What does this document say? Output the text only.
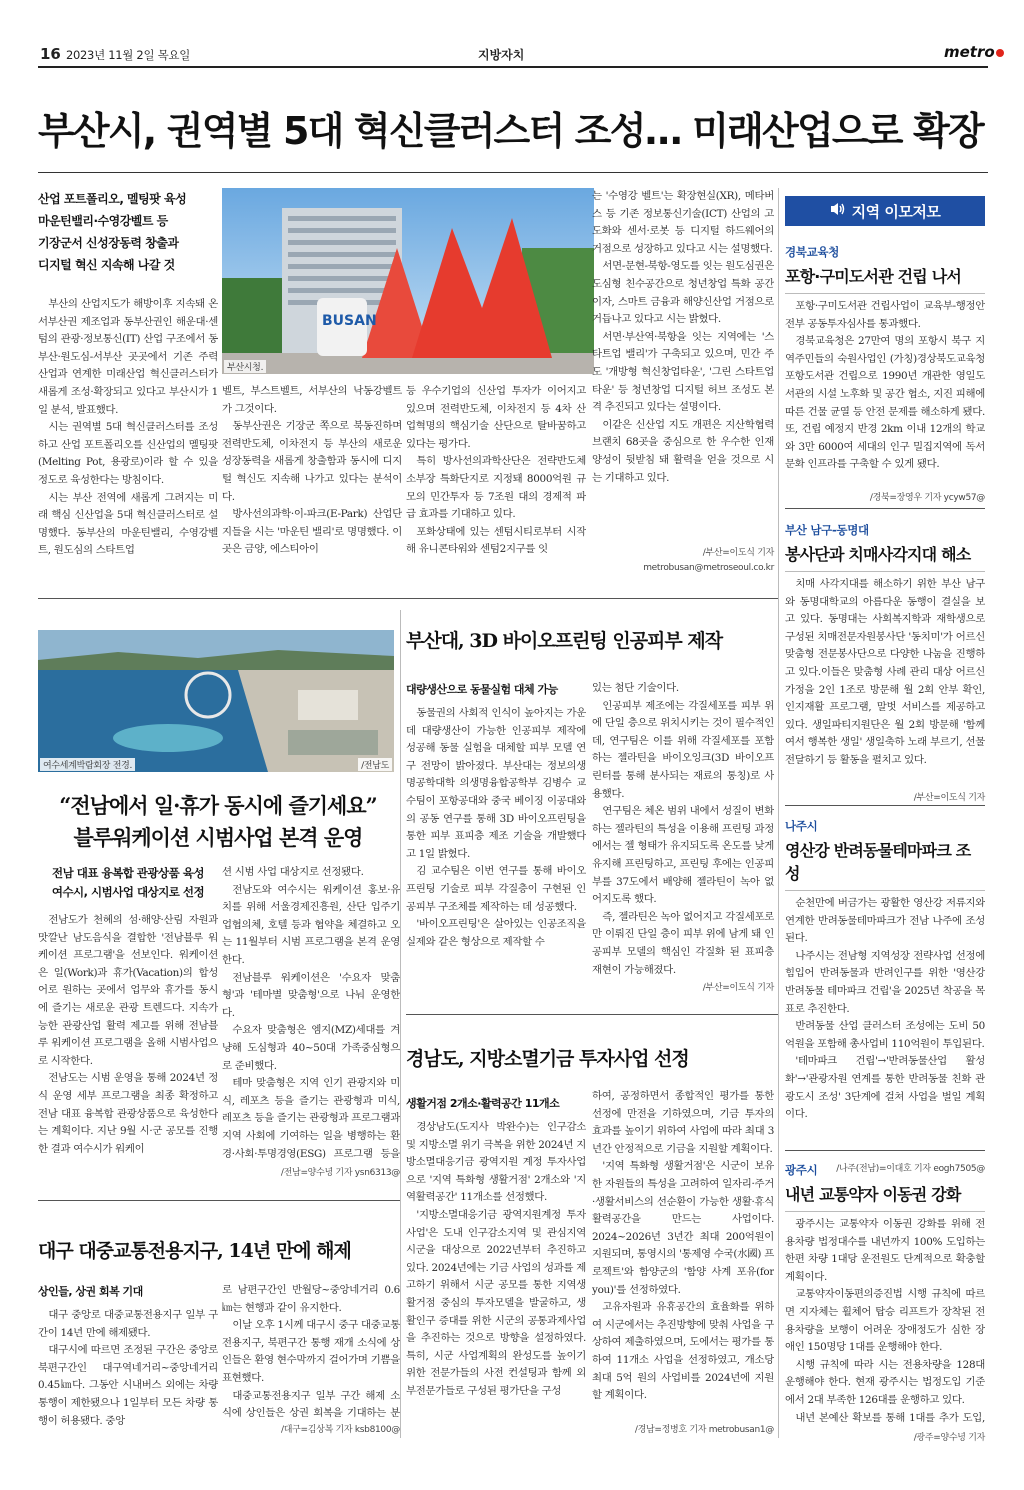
16 2023년 11월 2일 목요일	지방자치	metro
부산시, 권역별 5대 혁신클러스터 조성… 미래산업으로 확장
산업 포트폴리오, 멜팅팟 육성
마운틴밸리·수영강벨트 등
기장군서 신성장동력 창출과
디지털 혁신 지속해 나갈 것

부산의 산업지도가 해방이후 지속돼 온 서부산권 제조업과 동부산권인 해운대·센텀의 관광·정보통신(IT) 산업 구조에서 동부산·원도심-서부산 곳곳에서 기존 주력 산업과 연계한 미래산업 혁신클러스터가 새롭게 조성·확장되고 있다고 부산시가 1일 분석, 발표했다.

시는 권역별 5대 혁신클러스터를 조성하고 산업 포트폴리오를 신산업의 멜팅팟(Melting Pot, 용광로)이라 할 수 있을 정도로 육성한다는 방침이다.

시는 부산 전역에 새롭게 그려지는 미래 핵심 신산업을 5대 혁신클러스터로 설명했다. 동부산의 마운틴밸리, 수영강벨트, 원도심의 스타트업

BUSAN
부산시청.

벨트, 부스트벨트, 서부산의 낙동강벨트가 그것이다.

동부산권은 기장군 쪽으로 북동진하며 전력반도체, 이차전지 등 부산의 새로운 성장동력을 새롭게 창출함과 동시에 디지털 혁신도 지속해 나가고 있다는 분석이다.

방사선의과학·이-파크(E-Park) 산업단지들을 시는 '마운틴 밸리'로 명명했다. 이곳은 금양, 에스티아이

등 우수기업의 신산업 투자가 이어지고 있으며 전력반도체, 이차전지 등 4차 산업혁명의 핵심기술 산단으로 탈바꿈하고 있다는 평가다.

특히 방사선의과학산단은 전략반도체 소부장 특화단지로 지정돼 8000억원 규모의 민간투자 등 7조원 대의 경제적 파급 효과를 기대하고 있다.

포화상태에 있는 센텀시티로부터 시작해 유니콘타워와 센텀2지구를 잇

는 '수영강 벨트'는 확장현실(XR), 메타버스 등 기존 정보통신기술(ICT) 산업의 고도화와 센서·로봇 등 디지털 하드웨어의 거점으로 성장하고 있다고 시는 설명했다.

서면-문현-북항-영도를 잇는 원도심권은 도심형 친수공간으로 청년창업 특화 공간이자, 스마트 금융과 해양신산업 거점으로 거듭나고 있다고 시는 밝혔다.

서면·부산역·북항을 잇는 지역에는 '스타트업 밸리'가 구축되고 있으며, 민간 주도 '개방형 혁신창업타운', '그린 스타트업 타운' 등 청년창업 디지털 허브 조성도 본격 추진되고 있다는 설명이다.

이같은 신산업 지도 개편은 지산학협력브랜치 68곳을 중심으로 한 우수한 인재 양성이 뒷받침 돼 활력을 얻을 것으로 시는 기대하고 있다.

/부산=이도식 기자
metrobusan@metroseoul.co.kr
여수세계박람회장 전경.	/전남도
“전남에서 일·휴가 동시에 즐기세요”
블루워케이션 시범사업 본격 운영
전남 대표 융복합 관광상품 육성
여수시, 시범사업 대상지로 선정

전남도가 천혜의 섬·해양·산림 자원과 맛깔난 남도음식을 결합한 '전남블루 워케이션 프로그램'을 선보인다. 워케이션은 일(Work)과 휴가(Vacation)의 합성어로 원하는 곳에서 업무와 휴가를 동시에 즐기는 새로운 관광 트렌드다. 지속가능한 관광산업 활력 제고를 위해 전남블루 워케이션 프로그램을 올해 시범사업으로 시작한다.

전남도는 시범 운영을 통해 2024년 정식 운영 세부 프로그램을 최종 확정하고 전남 대표 융복합 관광상품으로 육성한다는 계획이다. 지난 9월 시·군 공모를 진행한 결과 여수시가 워케이

션 시범 사업 대상지로 선정됐다.

전남도와 여수시는 워케이션 홍보·유치를 위해 서울경제진흥원, 산단 입주기업협의체, 호텔 등과 협약을 체결하고 오는 11월부터 시범 프로그램을 본격 운영한다.

전남블루 워케이션은 '수요자 맞춤형'과 '테마별 맞춤형'으로 나눠 운영한다.

수요자 맞춤형은 엠지(MZ)세대를 겨냥해 도심형과 40~50대 가족중심형으로 준비했다.

테마 맞춤형은 지역 인기 관광지와 미식, 레포츠 등을 즐기는 관광형과 미식, 레포츠 등을 즐기는 관광형과 프로그램과 지역 사회에 기여하는 일을 병행하는 환경·사회·투명경영(ESG) 프로그램 등을

/전남=양수녕 기자 ysn6313@
부산대, 3D 바이오프린팅 인공피부 제작

대량생산으로 동물실험 대체 가능

동물권의 사회적 인식이 높아지는 가운데 대량생산이 가능한 인공피부 제작에 성공해 동물 실험을 대체할 피부 모델 연구 전망이 밝아졌다. 부산대는 정보의생명공학대학 의생명융합공학부 김병수 교수팀이 포항공대와 중국 베이징 이공대와의 공동 연구를 통해 3D 바이오프린팅을 통한 피부 표피층 제조 기술을 개발했다고 1일 밝혔다.

김 교수팀은 이번 연구를 통해 바이오프린팅 기술로 피부 각질층이 구현된 인공피부 구조체를 제작하는 데 성공했다.

'바이오프린팅'은 살아있는 인공조직을 실제와 같은 형상으로 제작할 수

있는 첨단 기술이다.

인공피부 제조에는 각질세포를 피부 위에 단일 층으로 위치시키는 것이 필수적인데, 연구팀은 이를 위해 각질세포를 포함하는 젤라틴을 바이오잉크(3D 바이오프린터를 통해 분사되는 재료의 통칭)로 사용했다.

연구팀은 체온 범위 내에서 성질이 변화하는 젤라틴의 특성을 이용해 프린팅 과정에서는 젤 형태가 유지되도록 온도를 낮게 유지해 프린팅하고, 프린팅 후에는 인공피부를 37도에서 배양해 젤라틴이 녹아 없어지도록 했다.

즉, 젤라틴은 녹아 없어지고 각질세포로만 이뤄진 단일 층이 피부 위에 남게 돼 인공피부 모델의 핵심인 각질화 된 표피층 재현이 가능해졌다.

/부산=이도식 기자
경남도, 지방소멸기금 투자사업 선정

생활거점 2개소·활력공간 11개소

경상남도(도지사 박완수)는 인구감소 및 지방소멸 위기 극복을 위한 2024년 지방소멸대응기금 광역지원 계정 투자사업으로 '지역 특화형 생활거점' 2개소와 '지역활력공간' 11개소를 선정했다.

'지방소멸대응기금 광역지원계정 투자사업'은 도내 인구감소지역 및 관심지역 시군을 대상으로 2022년부터 추진하고 있다. 2024년에는 기금 사업의 성과를 제고하기 위해서 시군 공모를 통한 지역생활거점 중심의 투자모델을 발굴하고, 생활인구 증대를 위한 시군의 공통과제사업을 추진하는 것으로 방향을 설정하였다. 특히, 시군 사업계획의 완성도를 높이기 위한 전문가들의 사전 컨설팅과 함께 외부전문가들로 구성된 평가단을 구성

하여, 공정하면서 종합적인 평가를 통한 선정에 만전을 기하였으며, 기금 투자의 효과를 높이기 위하여 사업에 따라 최대 3년간 안정적으로 기금을 지원할 계획이다.

'지역 특화형 생활거점'은 시군이 보유한 자원들의 특성을 고려하여 일자리·주거·생활서비스의 선순환이 가능한 생활·휴식 활력공간을 만드는 사업이다. 2024~2026년 3년간 최대 200억원이 지원되며, 통영시의 '통제영 수국(水國) 프로젝트'와 함양군의 '함양 사계 포유(for you)'를 선정하였다.

고유자원과 유휴공간의 효율화를 위하여 시군에서는 추진방향에 맞춰 사업을 구상하여 제출하였으며, 도에서는 평가를 통하여 11개소 사업을 선정하였고, 개소당 최대 5억 원의 사업비를 2024년에 지원할 계획이다.

/경남=정병호 기자 metrobusan1@
대구 대중교통전용지구, 14년 만에 해제

상인들, 상권 회복 기대

대구 중앙로 대중교통전용지구 일부 구간이 14년 만에 해제됐다.

대구시에 따르면 조정된 구간은 중앙로 북편구간인 대구역네거리~중앙네거리 0.45㎞다. 그동안 시내버스 외에는 차량 통행이 제한됐으나 1일부터 모든 차량 통행이 허용됐다. 중앙

로 남편구간인 반월당~중앙네거리 0.6㎞는 현행과 같이 유지한다.

이날 오후 1시께 대구시 중구 대중교통전용지구, 북편구간 통행 재개 소식에 상인들은 환영 현수막까지 걸어가며 기쁨을 표현했다.

대중교통전용지구 일부 구간 해제 소식에 상인들은 상권 회복을 기대하는 분

/대구=김상복 기자 ksb8100@
지역 이모저모
경북교육청
포항·구미도서관 건립 나서

포항·구미도서관 건립사업이 교육부-행정안전부 공동투자심사를 통과했다.

경북교육청은 27만여 명의 포항시 북구 지역주민들의 숙원사업인 (가칭)경상북도교육청 포항도서관 건립으로 1990년 개관한 영일도서관의 시설 노후화 및 공간 협소, 지진 피해에 따른 건물 균열 등 안전 문제를 해소하게 됐다.또, 건립 예정지 반경 2km 이내 12개의 학교와 3만 6000여 세대의 인구 밀집지역에 독서문화 인프라를 구축할 수 있게 됐다.

/경북=장영우 기자 ycyw57@
부산 남구-동명대
봉사단과 치매사각지대 해소

치매 사각지대를 해소하기 위한 부산 남구와 동명대학교의 아름다운 동행이 결실을 보고 있다. 동명대는 사회복지학과 재학생으로 구성된 치매전문자원봉사단 '동치미'가 어르신 맞춤형 전문봉사단으로 다양한 나눔을 진행하고 있다.이들은 맞춤형 사례 관리 대상 어르신 가정을 2인 1조로 방문해 월 2회 안부 확인, 인지재활 프로그램, 말벗 서비스를 제공하고 있다. 생일파티지원단은 월 2회 방문해 '함께여서 행복한 생일' 생일축하 노래 부르기, 선물 전달하기 등 활동을 펼치고 있다.

/부산=이도식 기자
나주시
영산강 반려동물테마파크 조성

순천만에 버금가는 광활한 영산강 저류지와 연계한 반려동물테마파크가 전남 나주에 조성된다.

나주시는 전남형 지역성장 전략사업 선정에 힘입어 반려동물과 반려인구를 위한 '영산강 반려동물 테마파크 건립'을 2025년 착공을 목표로 추진한다.

반려동물 산업 클러스터 조성에는 도비 50억원을 포함해 총사업비 110억원이 투입된다.

'테마파크 건립'→'반려동물산업 활성화'→'관광자원 연계를 통한 반려동물 친화 관광도시 조성' 3단계에 걸쳐 사업을 벌일 계획이다.

/나주(전남)=이대호 기자 eogh7505@
광주시
내년 교통약자 이동권 강화

광주시는 교통약자 이동권 강화를 위해 전용차량 법정대수를 내년까지 100% 도입하는 한편 차량 1대당 운전원도 단계적으로 확충할 계획이다.

교통약자이동편의증진법 시행 규칙에 따르면 지자체는 휠체어 탑승 리프트가 장착된 전용차량을 보행이 어려운 장애정도가 심한 장애인 150명당 1대를 운행해야 한다.

시행 규칙에 따라 시는 전용차량을 128대 운행해야 한다. 현재 광주시는 법정도입 기준에서 2대 부족한 126대를 운행하고 있다.

내년 본예산 확보를 통해 1대를 추가 도입,

/광주=양수녕 기자
